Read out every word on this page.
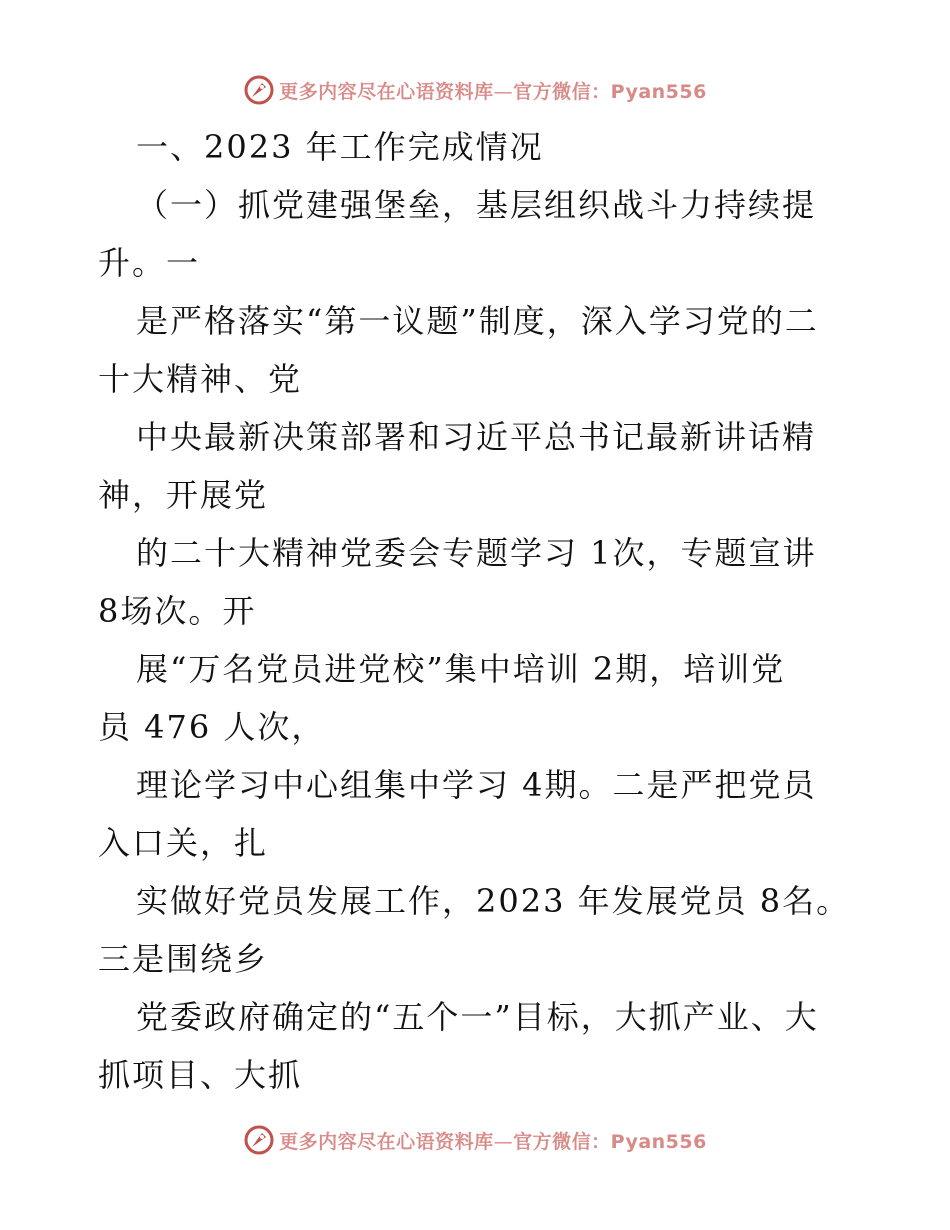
更多内容尽在心语资料库—官方微信：Pyan556
一、2023 年工作完成情况
（一）抓党建强堡垒，基层组织战斗力持续提
升。一
是严格落实“第一议题”制度，深入学习党的二
十大精神、党
中央最新决策部署和习近平总书记最新讲话精
神，开展党
的二十大精神党委会专题学习 1次，专题宣讲
8场次。开
展“万名党员进党校”集中培训 2期，培训党
员 476 人次，
理论学习中心组集中学习 4期。二是严把党员
入口关，扎
实做好党员发展工作，2023 年发展党员 8名。
三是围绕乡
党委政府确定的“五个一”目标，大抓产业、大
抓项目、大抓
更多内容尽在心语资料库—官方微信：Pyan556
